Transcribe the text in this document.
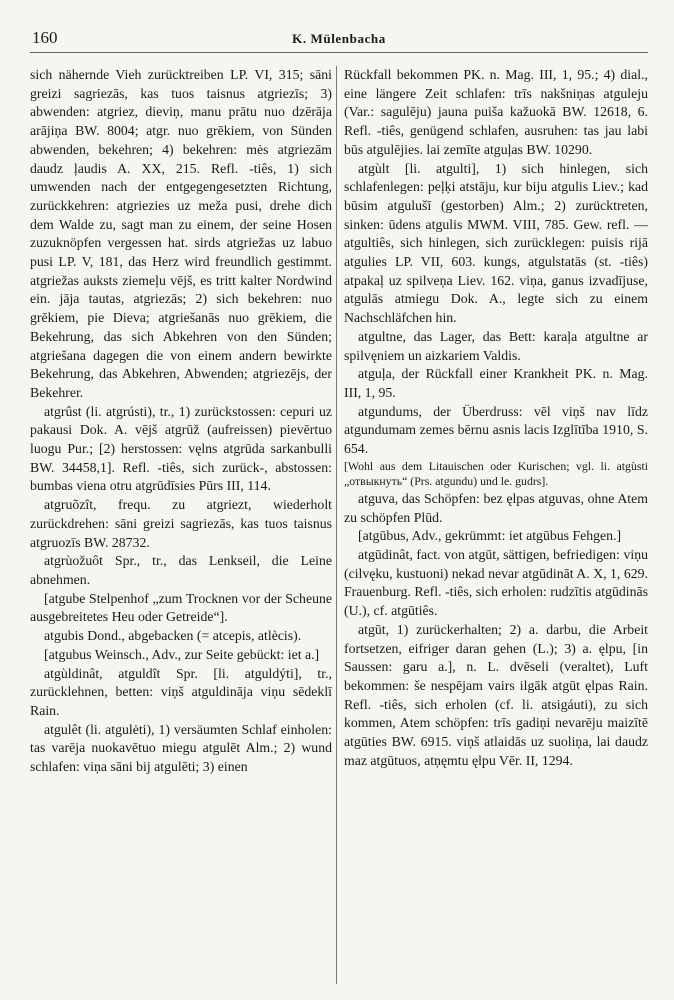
160	K. Mülenbacha

sich nähernde Vieh zurücktreiben LP. VI, 315; sāni greizi sagriezās, kas tuos taisnus atgriezīs; 3) abwenden: atgriez, dieviņ, manu prātu nuo dzērāja arājiņa BW. 8004; atgr. nuo grēkiem, von Sünden abwenden, bekehren; 4) bekehren: mės atgriezām daudz ļaudis A. XX, 215. Refl. -tiês, 1) sich umwenden nach der entgegengesetzten Richtung, zurückkehren: atgriezies uz meža pusi, drehe dich dem Walde zu, sagt man zu einem, der seine Hosen zuzuknöpfen vergessen hat. sirds atgriežas uz labuo pusi LP. V, 181, das Herz wird freundlich gestimmt. atgriežas auksts ziemeļu vējš, es tritt kalter Nordwind ein. jāja tautas, atgriezās; 2) sich bekehren: nuo grēkiem, pie Dieva; atgriešanās nuo grēkiem, die Bekehrung, das sich Abkehren von den Sünden; atgriešana dagegen die von einem andern bewirkte Bekehrung, das Abkehren, Abwenden; atgriezējs, der Bekehrer.

atgrûst (li. atgrústi), tr., 1) zurückstossen: cepuri uz pakausi Dok. A. vējš atgrūž (aufreissen) pievērtuo luogu Pur.; [2) herstossen: vęlns atgrūda sarkanbulli BW. 34458,1]. Refl. -tiês, sich zurück-, abstossen: bumbas viena otru atgrūdīsies Pūrs III, 114.

atgruõzît, frequ. zu atgriezt, wiederholt zurückdrehen: sāni greizi sagriezās, kas tuos taisnus atgruozīs BW. 28732.

atgrùožuôt Spr., tr., das Lenkseil, die Leine abnehmen.

[atgube Stelpenhof „zum Trocknen vor der Scheune ausgebreitetes Heu oder Getreide“].

atgubis Dond., abgebacken (= atcepis, atlècis).

[atgubus Weinsch., Adv., zur Seite gebückt: iet a.]

atgùldinât, atguldît Spr. [li. atguldýti], tr., zurücklehnen, betten: viņš atguldināja viņu sēdeklī Rain.

atgulêt (li. atgulėti), 1) versäumten Schlaf einholen: tas varēja nuokavētuo miegu atgulēt Alm.; 2) wund schlafen: viņa sāni bij atgulēti; 3) einen

Rückfall bekommen PK. n. Mag. III, 1, 95.; 4) dial., eine längere Zeit schlafen: trīs nakšniņas atguleju (Var.: sagulēju) jauna puiša kažuokā BW. 12618, 6. Refl. -tiês, genügend schlafen, ausruhen: tas jau labi būs atgulējies. lai zemīte atguļas BW. 10290.

atgùlt [li. atgulti], 1) sich hinlegen, sich schlafenlegen: peļķi atstāju, kur biju atgulis Liev.; kad būsim atgulušī (gestorben) Alm.; 2) zurücktreten, sinken: ūdens atgulis MWM. VIII, 785. Gew. refl. — atgultiês, sich hinlegen, sich zurücklegen: puisis rijā atgulies LP. VII, 603. kungs, atgulstatās (st. -tiês) atpakaļ uz spilveņa Liev. 162. viņa, ganus izvadījuse, atgulās atmiegu Dok. A., legte sich zu einem Nachschläfchen hin.

atgultne, das Lager, das Bett: karaļa atgultne ar spilvęniem un aizkariem Valdis.

atguļa, der Rückfall einer Krankheit PK. n. Mag. III, 1, 95.

atgundums, der Überdruss: vēl viņš nav līdz atgundumam zemes bērnu asnis lacis Izglītība 1910, S. 654.

[Wohl aus dem Litauischen oder Kurischen; vgl. li. atgùsti „отвыкнуть“ (Prs. atgundu) und le. gudrs].

atguva, das Schöpfen: bez ęlpas atguvas, ohne Atem zu schöpfen Plūd.

[atgūbus, Adv., gekrümmt: iet atgūbus Fehgen.]

atgūdinât, fact. von atgūt, sättigen, befriedigen: viņu (cilvęku, kustuoni) nekad nevar atgūdināt A. X, 1, 629. Frauenburg. Refl. -tiês, sich erholen: rudzītis atgūdinās (U.), cf. atgūtiês.

atgūt, 1) zurückerhalten; 2) a. darbu, die Arbeit fortsetzen, eifriger daran gehen (L.); 3) a. ęlpu, [in Saussen: garu a.], n. L. dvēseli (veraltet), Luft bekommen: še nespējam vairs ilgāk atgūt ęlpas Rain. Refl. -tiês, sich erholen (cf. li. atsigáuti), zu sich kommen, Atem schöpfen: trīs gadiņi nevarēju maizītē atgūties BW. 6915. viņš atlaidās uz suoliņa, lai daudz maz atgūtuos, atņęmtu ęlpu Vēr. II, 1294.
